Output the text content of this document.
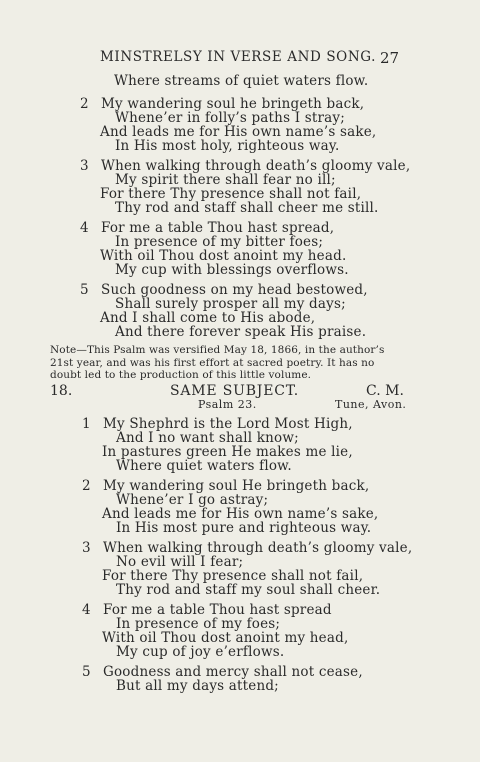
MINSTRELSY IN VERSE AND SONG. 27
Where streams of quiet waters flow.
2 My wandering soul he bringeth back,
Whene’er in folly’s paths I stray;
And leads me for His own name’s sake,
In His most holy, righteous way.
3 When walking through death’s gloomy vale,
My spirit there shall fear no ill;
For there Thy presence shall not fail,
Thy rod and staff shall cheer me still.
4 For me a table Thou hast spread,
In presence of my bitter foes;
With oil Thou dost anoint my head.
My cup with blessings overflows.
5 Such goodness on my head bestowed,
Shall surely prosper all my days;
And I shall come to His abode,
And there forever speak His praise.
Note—This Psalm was versified May 18, 1866, in the author’s
21st year, and was his first effort at sacred poetry. It has no
doubt led to the production of this little volume.
18.	SAME SUBJECT.	C. M.
Psalm 23.	Tune, Avon.
1 My Shephrd is the Lord Most High,
And I no want shall know;
In pastures green He makes me lie,
Where quiet waters flow.
2 My wandering soul He bringeth back,
Whene’er I go astray;
And leads me for His own name’s sake,
In His most pure and righteous way.
3 When walking through death’s gloomy vale,
No evil will I fear;
For there Thy presence shall not fail,
Thy rod and staff my soul shall cheer.
4 For me a table Thou hast spread
In presence of my foes;
With oil Thou dost anoint my head,
My cup of joy e’erflows.
5 Goodness and mercy shall not cease,
But all my days attend;
